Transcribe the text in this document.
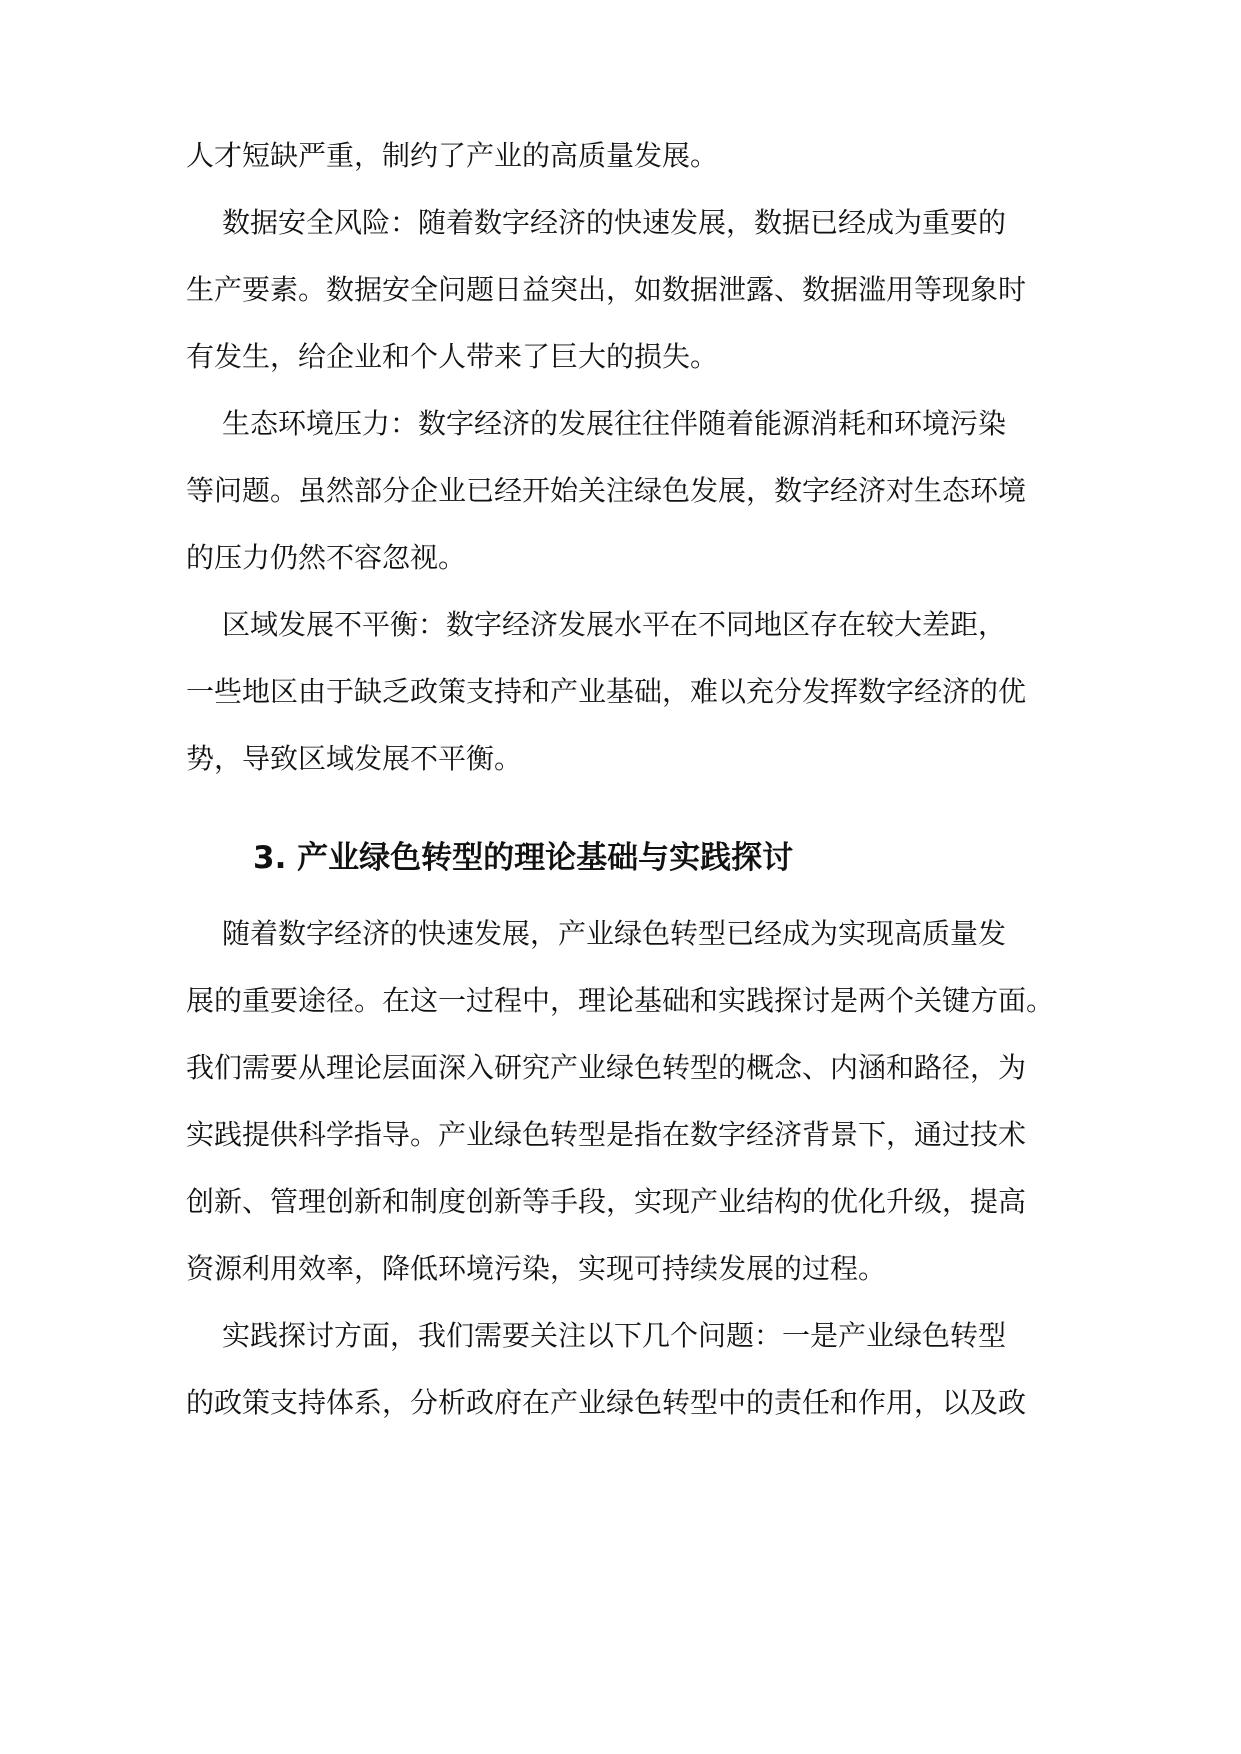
人才短缺严重，制约了产业的高质量发展。
数据安全风险：随着数字经济的快速发展，数据已经成为重要的
生产要素。数据安全问题日益突出，如数据泄露、数据滥用等现象时
有发生，给企业和个人带来了巨大的损失。
生态环境压力：数字经济的发展往往伴随着能源消耗和环境污染
等问题。虽然部分企业已经开始关注绿色发展，数字经济对生态环境
的压力仍然不容忽视。
区域发展不平衡：数字经济发展水平在不同地区存在较大差距，
一些地区由于缺乏政策支持和产业基础，难以充分发挥数字经济的优
势，导致区域发展不平衡。
3. 产业绿色转型的理论基础与实践探讨
随着数字经济的快速发展，产业绿色转型已经成为实现高质量发
展的重要途径。在这一过程中，理论基础和实践探讨是两个关键方面。
我们需要从理论层面深入研究产业绿色转型的概念、内涵和路径，为
实践提供科学指导。产业绿色转型是指在数字经济背景下，通过技术
创新、管理创新和制度创新等手段，实现产业结构的优化升级，提高
资源利用效率，降低环境污染，实现可持续发展的过程。
实践探讨方面，我们需要关注以下几个问题：一是产业绿色转型
的政策支持体系，分析政府在产业绿色转型中的责任和作用，以及政
